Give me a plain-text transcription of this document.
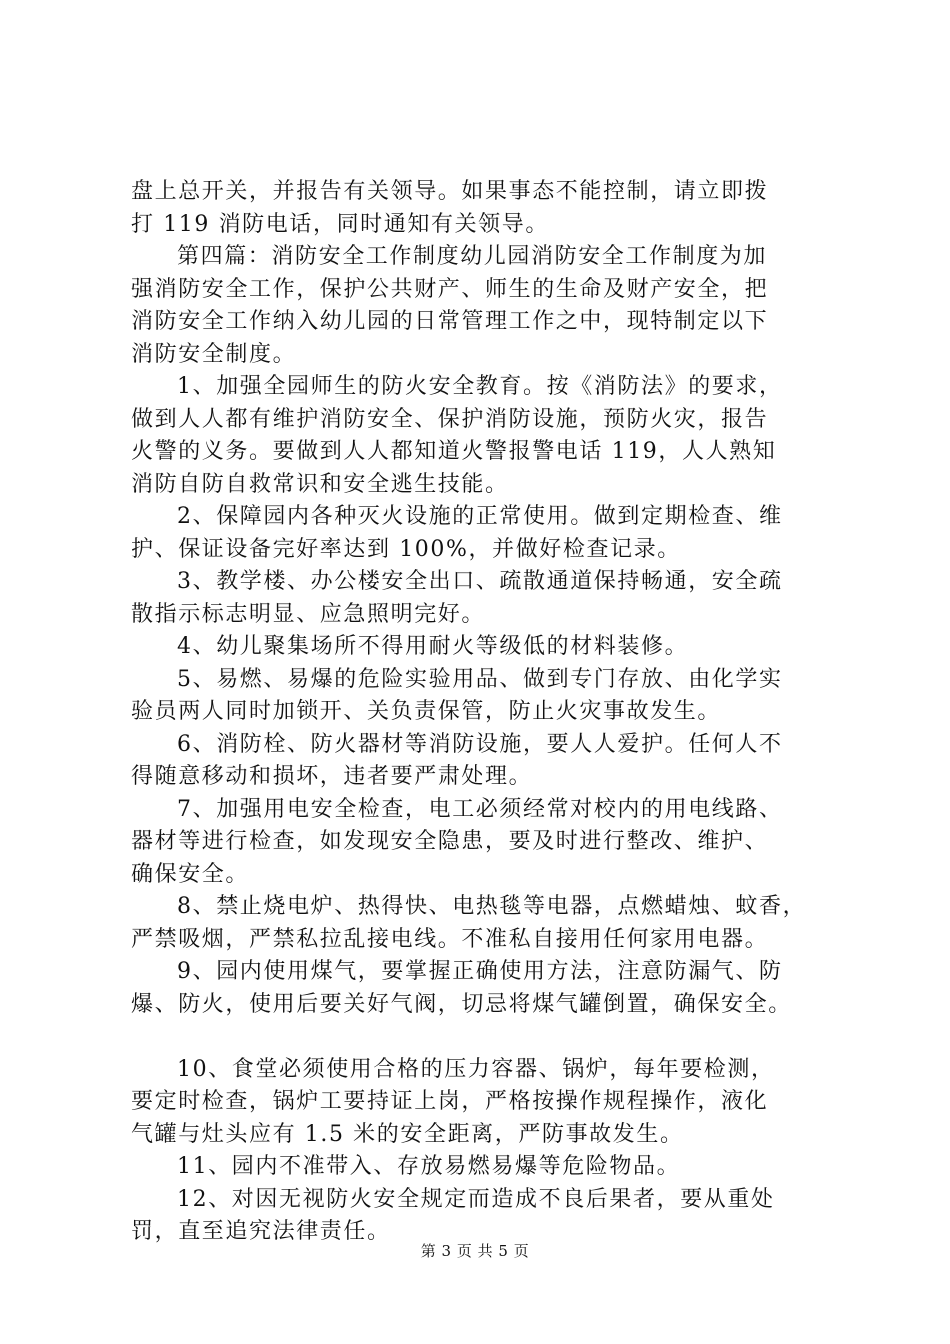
盘上总开关，并报告有关领导。如果事态不能控制，请立即拨
打 119 消防电话，同时通知有关领导。
第四篇：消防安全工作制度幼儿园消防安全工作制度为加
强消防安全工作，保护公共财产、师生的生命及财产安全，把
消防安全工作纳入幼儿园的日常管理工作之中，现特制定以下
消防安全制度。
1、加强全园师生的防火安全教育。按《消防法》的要求，
做到人人都有维护消防安全、保护消防设施，预防火灾，报告
火警的义务。要做到人人都知道火警报警电话 119，人人熟知
消防自防自救常识和安全逃生技能。
2、保障园内各种灭火设施的正常使用。做到定期检查、维
护、保证设备完好率达到 100%，并做好检查记录。
3、教学楼、办公楼安全出口、疏散通道保持畅通，安全疏
散指示标志明显、应急照明完好。
4、幼儿聚集场所不得用耐火等级低的材料装修。
5、易燃、易爆的危险实验用品、做到专门存放、由化学实
验员两人同时加锁开、关负责保管，防止火灾事故发生。
6、消防栓、防火器材等消防设施，要人人爱护。任何人不
得随意移动和损坏，违者要严肃处理。
7、加强用电安全检查，电工必须经常对校内的用电线路、
器材等进行检查，如发现安全隐患，要及时进行整改、维护、
确保安全。
8、禁止烧电炉、热得快、电热毯等电器，点燃蜡烛、蚊香，
严禁吸烟，严禁私拉乱接电线。不准私自接用任何家用电器。
9、园内使用煤气，要掌握正确使用方法，注意防漏气、防
爆、防火，使用后要关好气阀，切忌将煤气罐倒置，确保安全。
10、食堂必须使用合格的压力容器、锅炉，每年要检测，
要定时检查，锅炉工要持证上岗，严格按操作规程操作，液化
气罐与灶头应有 1.5 米的安全距离，严防事故发生。
11、园内不准带入、存放易燃易爆等危险物品。
12、对因无视防火安全规定而造成不良后果者，要从重处
罚，直至追究法律责任。
第 3 页 共 5 页
